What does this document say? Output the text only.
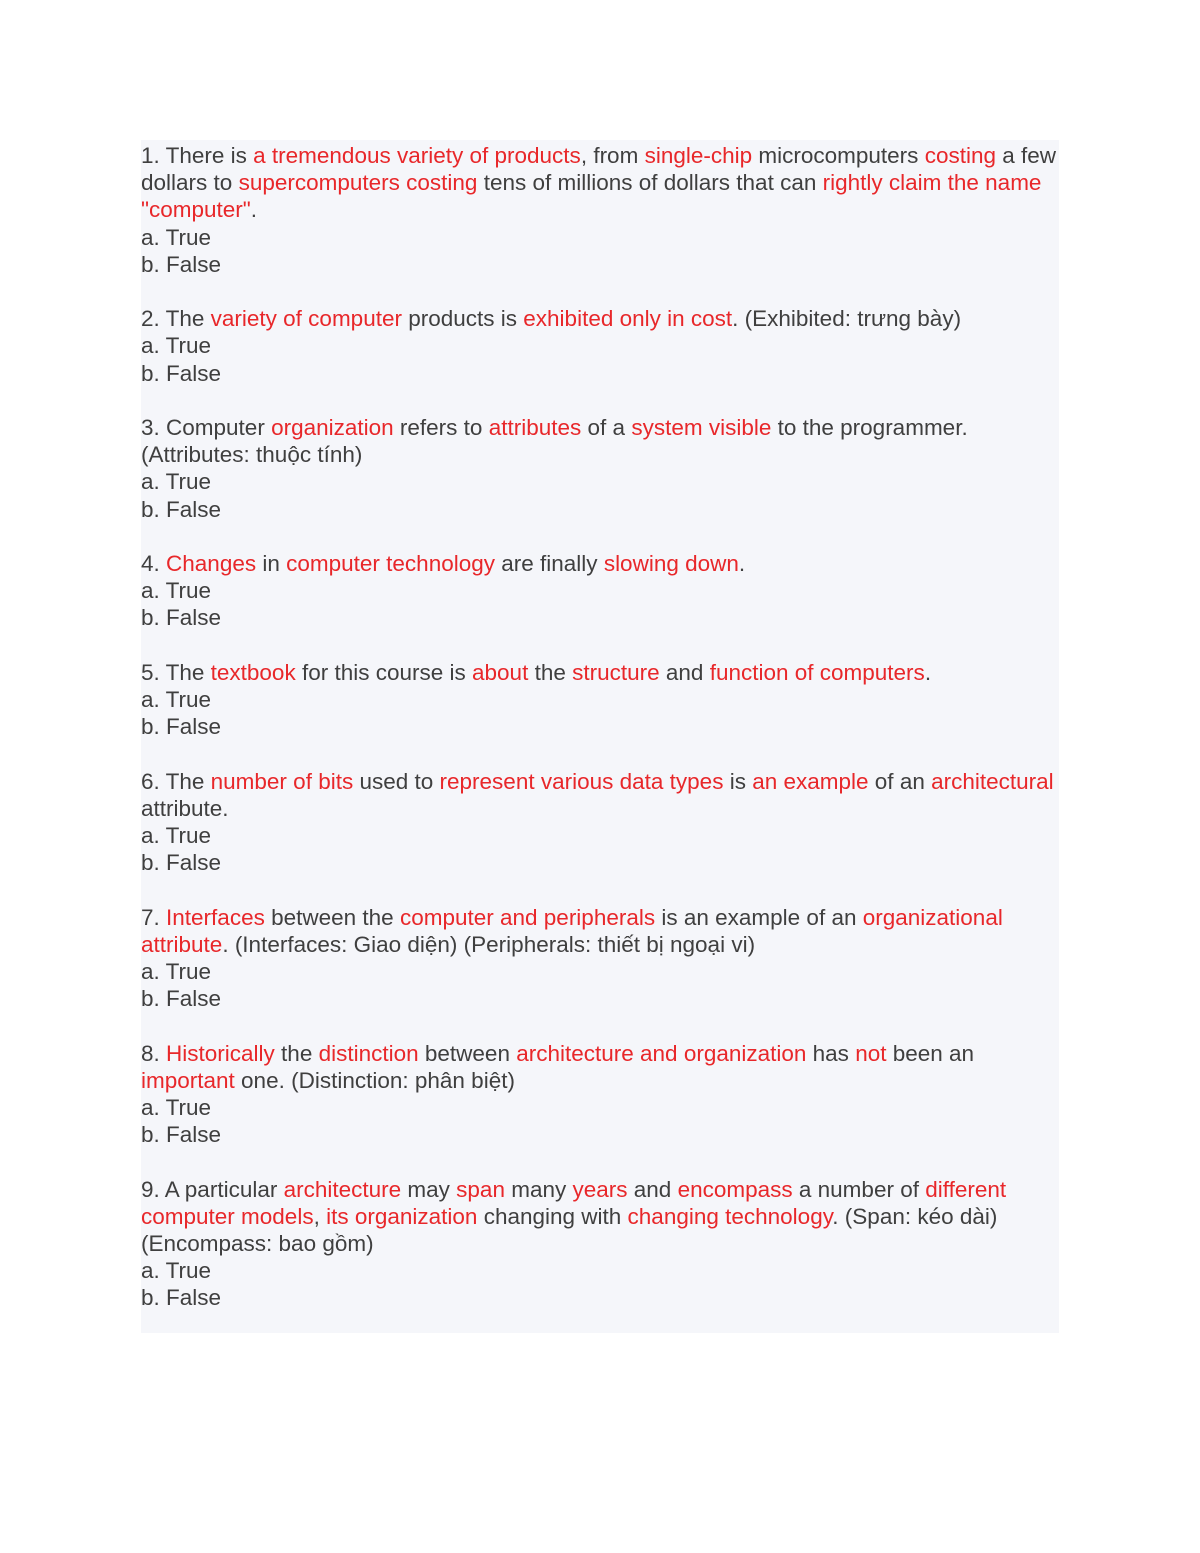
1. There is a tremendous variety of products, from single-chip microcomputers costing a few dollars to supercomputers costing tens of millions of dollars that can rightly claim the name "computer".

a. True
b. False

2. The variety of computer products is exhibited only in cost. (Exhibited: trưng bày)

a. True
b. False

3. Computer organization refers to attributes of a system visible to the programmer. (Attributes: thuộc tính)

a. True
b. False

4. Changes in computer technology are finally slowing down.

a. True
b. False

5. The textbook for this course is about the structure and function of computers.

a. True
b. False

6. The number of bits used to represent various data types is an example of an architectural attribute.

a. True
b. False

7. Interfaces between the computer and peripherals is an example of an organizational attribute. (Interfaces: Giao diện) (Peripherals: thiết bị ngoại vi)

a. True
b. False

8. Historically the distinction between architecture and organization has not been an important one. (Distinction: phân biệt)

a. True
b. False

9. A particular architecture may span many years and encompass a number of different computer models, its organization changing with changing technology. (Span: kéo dài) (Encompass: bao gồm)

a. True
b. False
